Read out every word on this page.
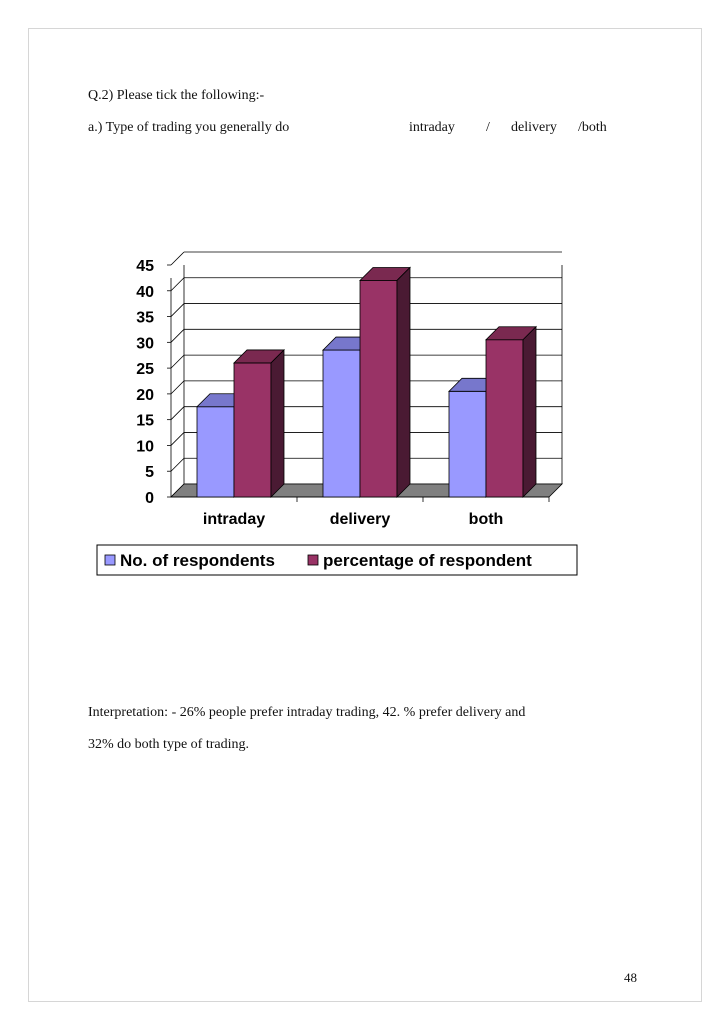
Q.2) Please tick the following:-
a.) Type of trading you generally do	intraday / delivery /both
0
5
10
15
20
25
30
35
40
45
intraday	delivery	both
No. of respondents	percentage of respondent
Interpretation: - 26% people prefer intraday trading, 42. % prefer delivery and
32% do both type of trading.
48
